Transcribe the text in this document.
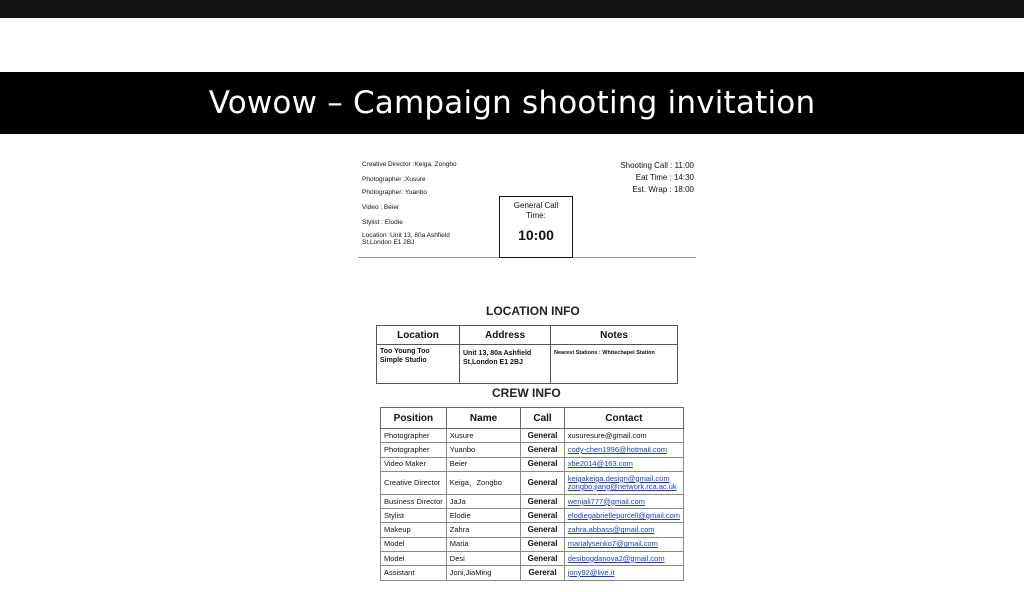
Vowow – Campaign shooting invitation
Creative Director :Keiga, Zongbo
Photographer :Xusure
Photographer: Yuanbo
Video : Beier
Stylist : Elodie
Location :Unit 13, 80a Ashfield
St,London E1 2BJ
General Call
Time:
10:00
Shooting Call : 11:00
Eat Time : 14:30
Est. Wrap : 18:00
LOCATION INFO
Location	Address	Notes
Too Young Too
Simple Studio	Unit 13, 80a Ashfield
St,London E1 2BJ	Nearest Stations : Whitechapel Station
CREW INFO
Position	Name	Call	Contact
Photographer	Xusure	General	xusuresure@gmail.com

Photographer	Yuanbo	General	cody-chen1996@hotmail.com

Video Maker	Beier	General	xbe2014@163.com

Creative Director	Keiga，Zongbo	General	keigakeiga.design@gmail.com
zongbo.jiang@network.rca.ac.uk

Business Director	JaJa	General	wenjali777@gmail.com

Stylist	Elodie	General	elodiegabriellepurcell@gmail.com

Makeup	Zahra	General	zahra.abbass@gmail.com

Model	Maria	General	marialysenko7@gmail.com

Model	Desi	General	desibogdanova2@gmail.com

Assistant	Joni,JiaMing	Gereral	jony92@live.it
